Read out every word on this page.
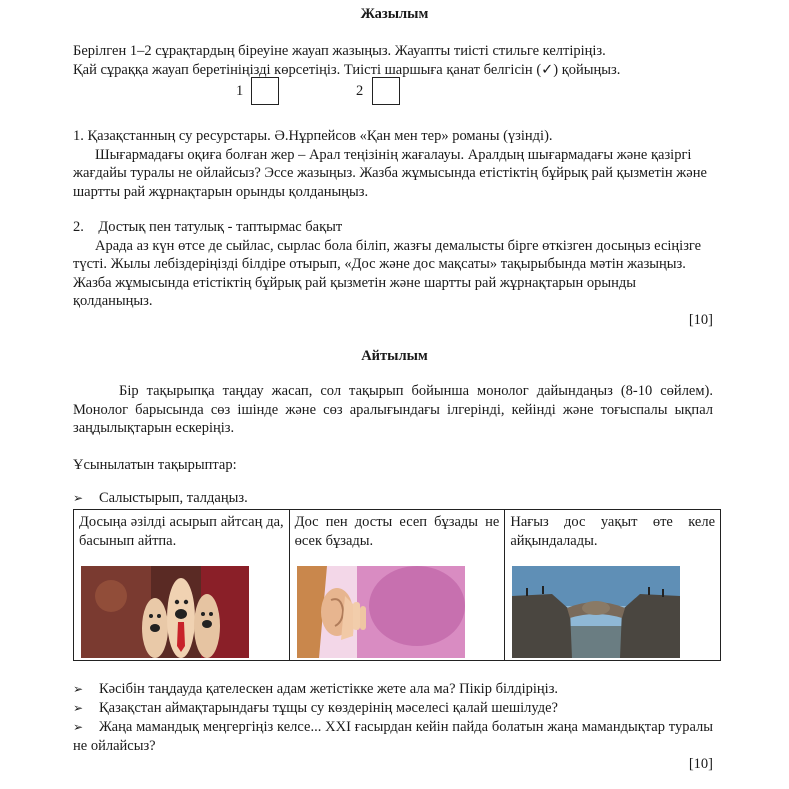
Жазылым
Берілген 1–2 сұрақтардың біреуіне жауап жазыңыз. Жауапты тиісті стильге келтіріңіз.
Қай сұраққа жауап беретініңізді көрсетіңіз. Тиісті шаршыға қанат белгісін (✓) қойыңыз.
1	2
1. Қазақстанның су ресурстары. Ә.Нұрпейсов «Қан мен тер» романы (үзінді).
Шығармадағы оқиға болған жер – Арал теңізінің жағалауы. Аралдың шығармадағы және қазіргі жағдайы туралы не ойлайсыз? Эссе жазыңыз. Жазба жұмысында етістіктің бұйрық рай қызметін және шартты рай жұрнақтарын орынды қолданыңыз.
2.    Достық пен татулық - таптырмас бақыт
Арада аз күн өтсе де сыйлас, сырлас бола біліп, жазғы демалысты бірге өткізген досыңыз есіңізге түсті. Жылы лебіздеріңізді білдіре отырып, «Дос және дос мақсаты» тақырыбында мәтін жазыңыз. Жазба жұмысында етістіктің бұйрық рай қызметін және шартты рай жұрнақтарын орынды қолданыңыз.
[10]
Айтылым
Бір тақырыпқа таңдау жасап, сол тақырып бойынша монолог дайындаңыз (8-10 сөйлем). Монолог барысында сөз ішінде және сөз аралығындағы ілгерінді, кейінді және тоғыспалы ықпал заңдылықтарын ескеріңіз.
Ұсынылатын тақырыптар:
➢ Салыстырып, талдаңыз.
Досыңа әзілді асырып айтсаң да, басынып айтпа.
Дос пен досты есеп бұзады не өсек бұзады.
Нағыз дос уақыт өте келе айқындалады.
➢ Кәсібін таңдауда қателескен адам жетістікке жете ала ма? Пікір білдіріңіз.
➢ Қазақстан аймақтарындағы тұщы су көздерінің мәселесі қалай шешілуде?
➢ Жаңа мамандық меңгергіңіз келсе... XXI ғасырдан кейін пайда болатын жаңа мамандықтар туралы не ойлайсыз?
[10]
